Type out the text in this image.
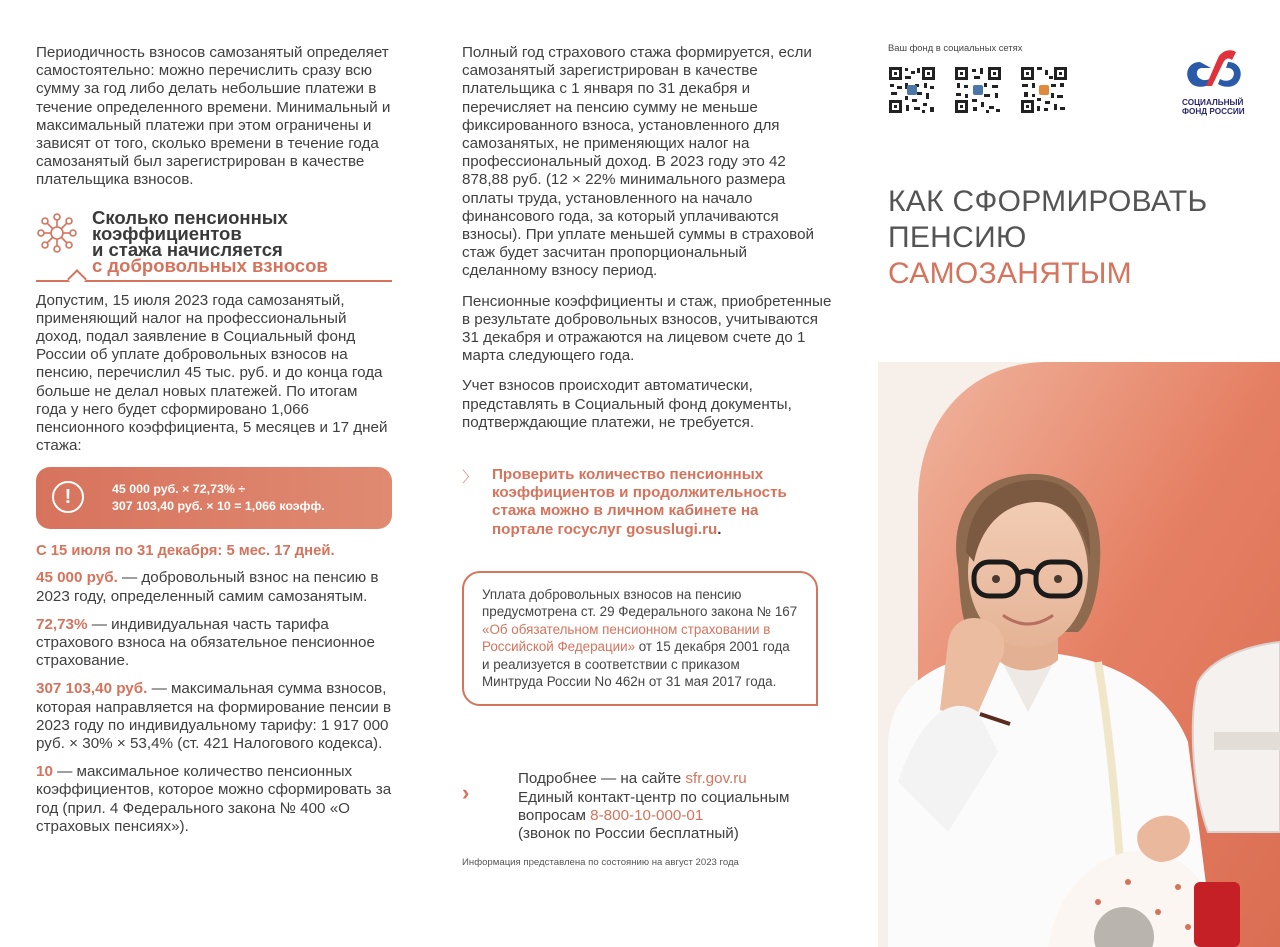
Периодичность взносов самозанятый определяет самостоятельно: можно перечислить сразу всю сумму за год либо делать небольшие платежи в течение определенного времени. Минимальный и максимальный платежи при этом ограничены и зависят от того, сколько времени в течение года самозанятый был зарегистрирован в качестве плательщика взносов.

Сколько пенсионных
коэффициентов
и стажа начисляется
с добровольных взносов

Допустим, 15 июля 2023 года самозанятый, применяющий налог на профессиональный доход, подал заявление в Социальный фонд России об уплате добровольных взносов на пенсию, перечислил 45 тыс. руб. и до конца года больше не делал новых платежей. По итогам года у него будет сформировано 1,066 пенсионного коэффициента, 5 месяцев и 17 дней стажа:

!	45 000 руб. × 72,73% ÷
307 103,40 руб. × 10 = 1,066 коэфф.
С 15 июля по 31 декабря: 5 мес. 17 дней.

45 000 руб. — добровольный взнос на пенсию в 2023 году, определенный самим самозанятым.

72,73% — индивидуальная часть тарифа страхового взноса на обязательное пенсионное страхование.

307 103,40 руб. — максимальная сумма взносов, которая направляется на формирование пенсии в 2023 году по индивидуальному тарифу: 1 917 000 руб. × 30% × 53,4% (ст. 421 Налогового кодекса).

10 — максимальное количество пенсионных коэффициентов, которое можно сформировать за год (прил. 4 Федерального закона № 400 «О страховых пенсиях»).

Полный год страхового стажа формируется, если самозанятый зарегистрирован в качестве плательщика с 1 января по 31 декабря и перечисляет на пенсию сумму не меньше фиксированного взноса, установленного для самозанятых, не применяющих налог на профессиональный доход. В 2023 году это 42 878,88 руб. (12 × 22% минимального размера оплаты труда, установленного на начало финансового года, за который уплачиваются взносы). При уплате меньшей суммы в страховой стаж будет засчитан пропорциональный сделанному взносу период.

Пенсионные коэффициенты и стаж, приобретенные в результате добровольных взносов, учитываются 31 декабря и отражаются на лицевом счете до 1 марта следующего года.

Учет взносов происходит автоматически, представлять в Социальный фонд документы, подтверждающие платежи, не требуется.

〉 Проверить количество пенсионных коэффициентов и продолжительность стажа можно в личном кабинете на портале госуслуг gosuslugi.ru.
Уплата добровольных взносов на пенсию предусмотрена ст. 29 Федерального закона № 167 «Об обязательном пенсионном страховании в Российской Федерации» от 15 декабря 2001 года и реализуется в соответствии с приказом Минтруда России No 462н от 31 мая 2017 года.
›
Подробнее — на сайте sfr.gov.ru
Единый контакт-центр по социальным вопросам 8-800-10-000-01
(звонок по России бесплатный)
Информация представлена по состоянию на август 2023 года
Ваш фонд в социальных сетях
СОЦИАЛЬНЫЙ
ФОНД РОССИИ
КАК СФОРМИРОВАТЬ
ПЕНСИЮ
САМОЗАНЯТЫМ
